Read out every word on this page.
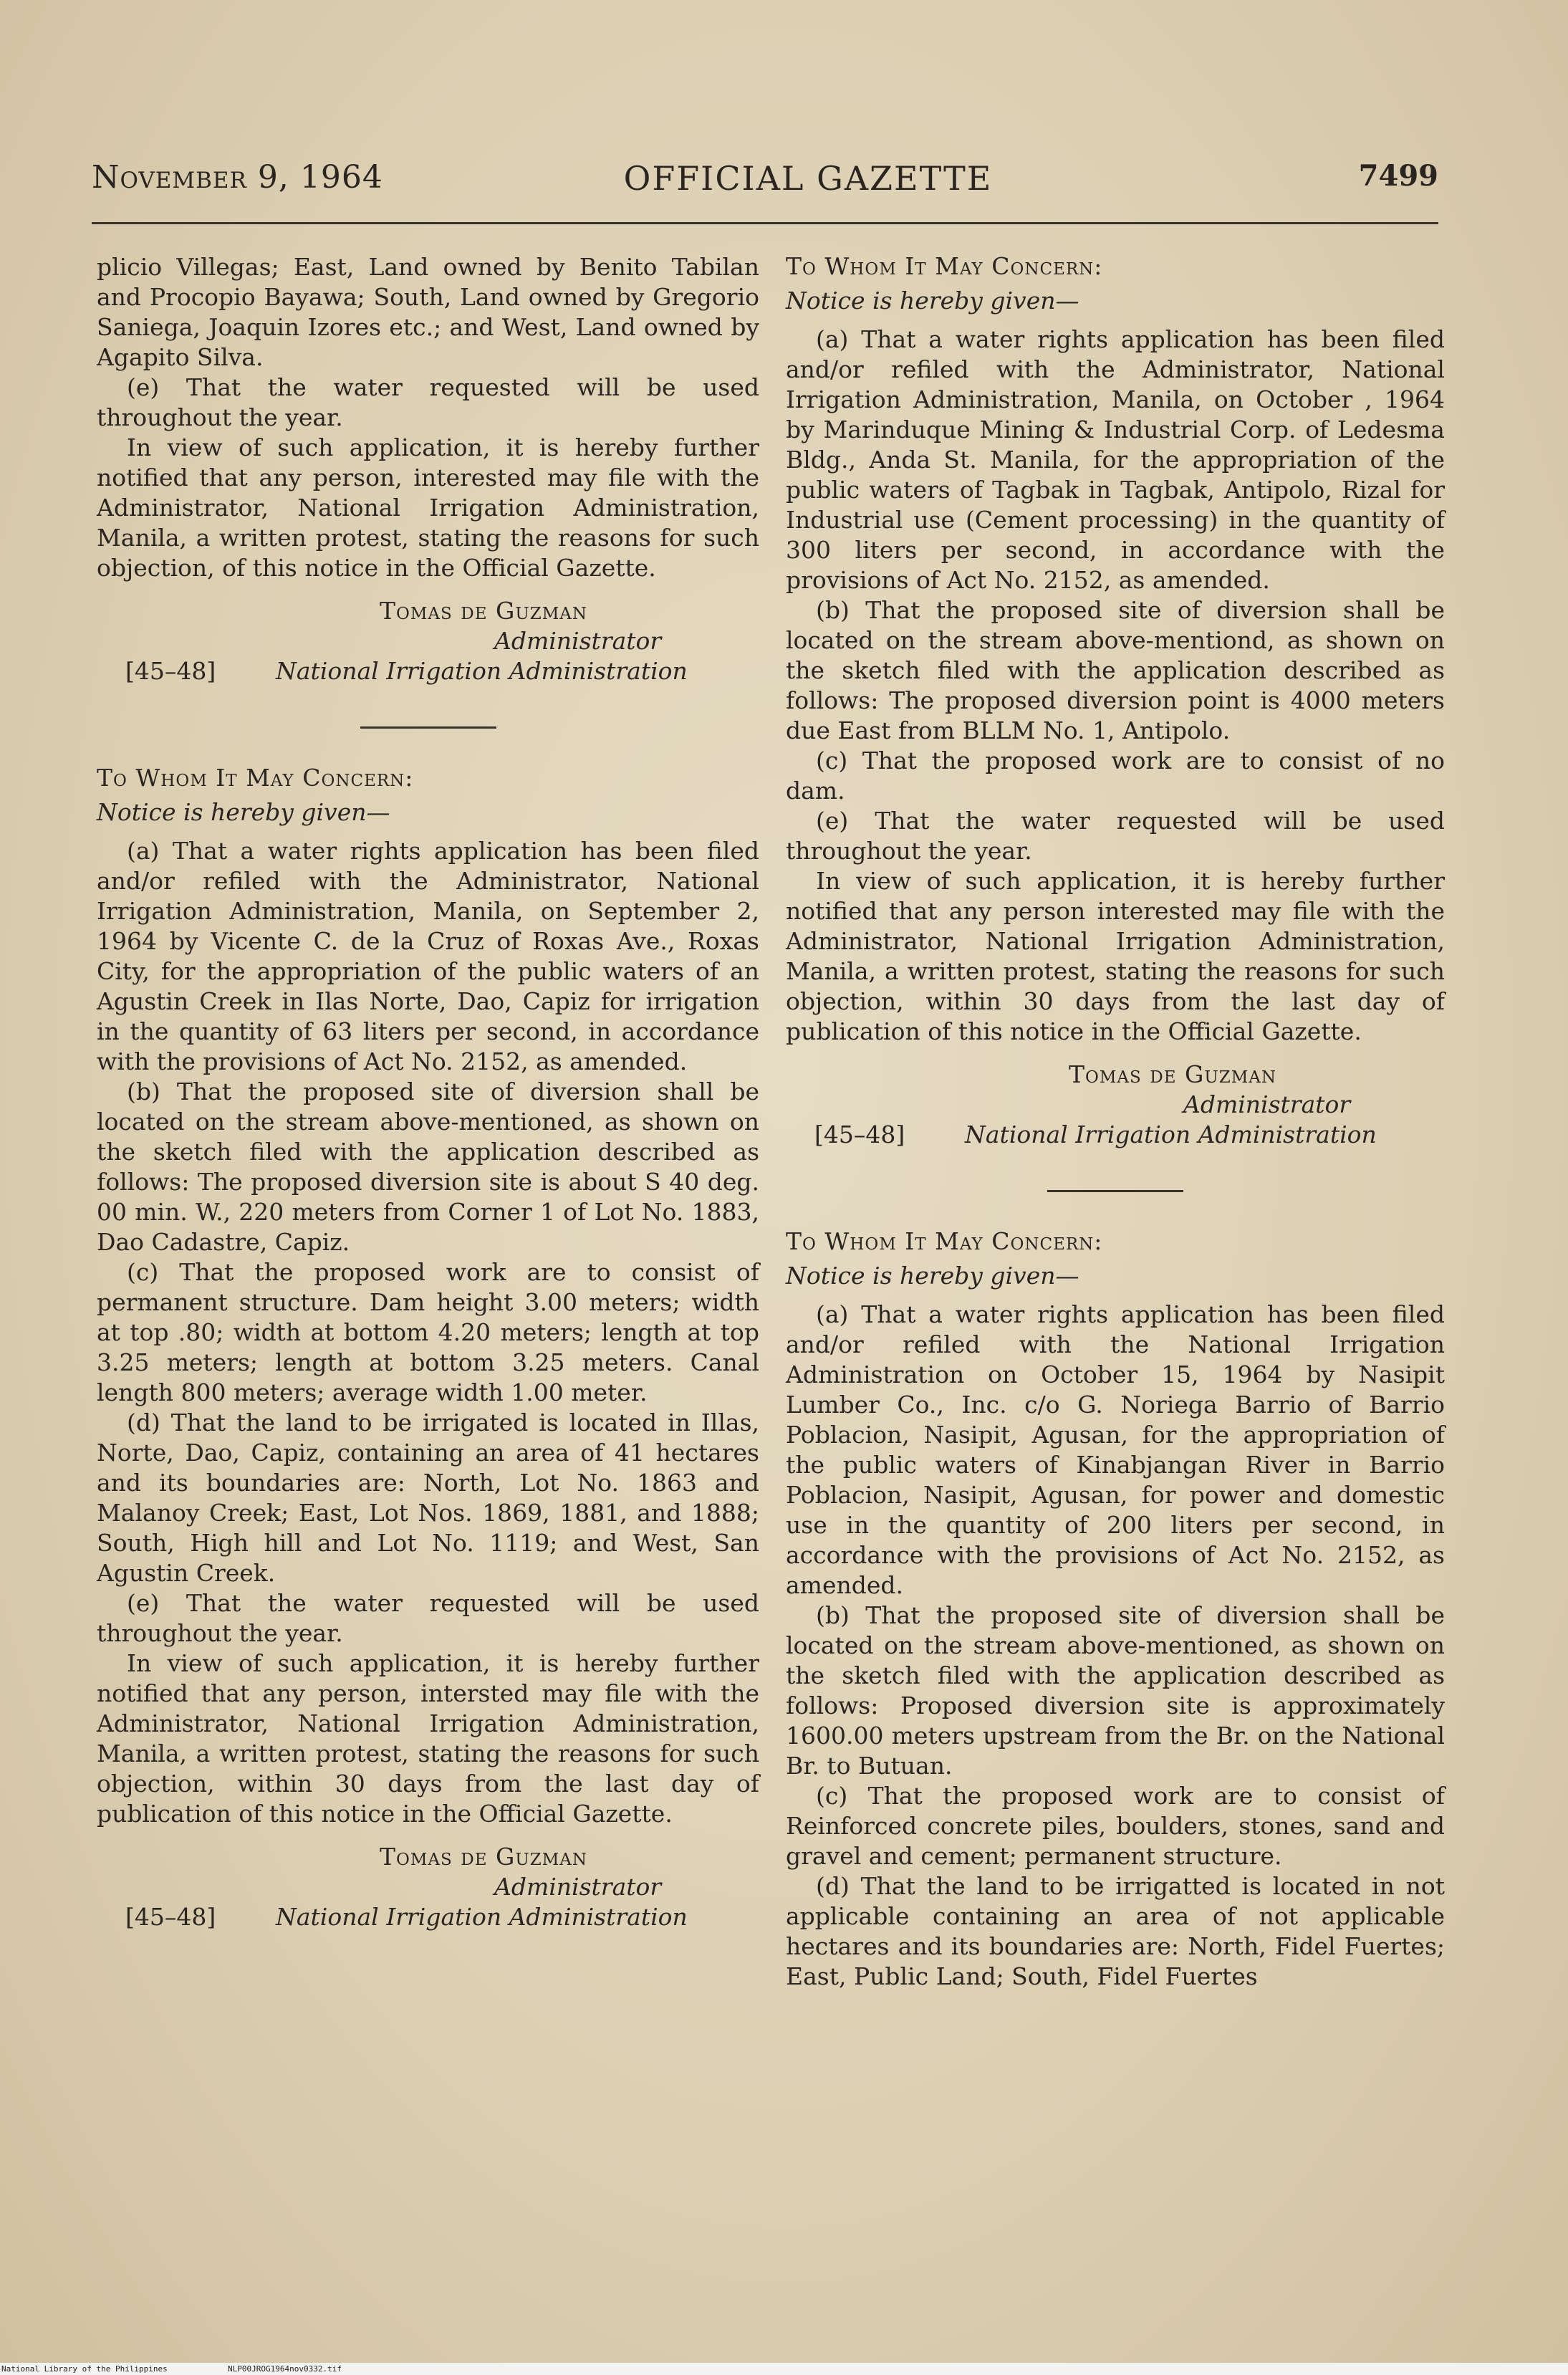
November 9, 1964	OFFICIAL GAZETTE	7499

plicio Villegas; East, Land owned by Benito Tabilan and Procopio Bayawa; South, Land owned by Gregorio Saniega, Joaquin Izores etc.; and West, Land owned by Agapito Silva.

(e) That the water requested will be used throughout the year.

In view of such application, it is hereby further notified that any person, interested may file with the Administrator, National Irrigation Administration, Manila, a written protest, stating the reasons for such objection, of this notice in the Official Gazette.

Tomas de Guzman
Administrator
[45–48]	National Irrigation Administration
To Whom It May Concern:
Notice is hereby given—

(a) That a water rights application has been filed and/or refiled with the Administrator, National Irrigation Administration, Manila, on September 2, 1964 by Vicente C. de la Cruz of Roxas Ave., Roxas City, for the appropriation of the public waters of an Agustin Creek in Ilas Norte, Dao, Capiz for irrigation in the quantity of 63 liters per second, in accordance with the provisions of Act No. 2152, as amended.

(b) That the proposed site of diversion shall be located on the stream above-mentioned, as shown on the sketch filed with the application described as follows: The proposed diversion site is about S 40 deg. 00 min. W., 220 meters from Corner 1 of Lot No. 1883, Dao Cadastre, Capiz.

(c) That the proposed work are to consist of permanent structure. Dam height 3.00 meters; width at top .80; width at bottom 4.20 meters; length at top 3.25 meters; length at bottom 3.25 meters. Canal length 800 meters; average width 1.00 meter.

(d) That the land to be irrigated is located in Illas, Norte, Dao, Capiz, containing an area of 41 hectares and its boundaries are: North, Lot No. 1863 and Malanoy Creek; East, Lot Nos. 1869, 1881, and 1888; South, High hill and Lot No. 1119; and West, San Agustin Creek.

(e) That the water requested will be used throughout the year.

In view of such application, it is hereby further notified that any person, intersted may file with the Administrator, National Irrigation Administration, Manila, a written protest, stating the reasons for such objection, within 30 days from the last day of publication of this notice in the Official Gazette.

Tomas de Guzman
Administrator
[45–48]	National Irrigation Administration
To Whom It May Concern:
Notice is hereby given—

(a) That a water rights application has been filed and/or refiled with the Administrator, National Irrigation Administration, Manila, on October , 1964 by Marinduque Mining & Industrial Corp. of Ledesma Bldg., Anda St. Manila, for the appropriation of the public waters of Tagbak in Tagbak, Antipolo, Rizal for Industrial use (Cement processing) in the quantity of 300 liters per second, in accordance with the provisions of Act No. 2152, as amended.

(b) That the proposed site of diversion shall be located on the stream above-mentiond, as shown on the sketch filed with the application described as follows: The proposed diversion point is 4000 meters due East from BLLM No. 1, Antipolo.

(c) That the proposed work are to consist of no dam.

(e) That the water requested will be used throughout the year.

In view of such application, it is hereby further notified that any person interested may file with the Administrator, National Irrigation Administration, Manila, a written protest, stating the reasons for such objection, within 30 days from the last day of publication of this notice in the Official Gazette.

Tomas de Guzman
Administrator
[45–48]	National Irrigation Administration
To Whom It May Concern:
Notice is hereby given—

(a) That a water rights application has been filed and/or refiled with the National Irrigation Administration on October 15, 1964 by Nasipit Lumber Co., Inc. c/o G. Noriega Barrio of Barrio Poblacion, Nasipit, Agusan, for the appropriation of the public waters of Kinabjangan River in Barrio Poblacion, Nasipit, Agusan, for power and domestic use in the quantity of 200 liters per second, in accordance with the provisions of Act No. 2152, as amended.

(b) That the proposed site of diversion shall be located on the stream above-mentioned, as shown on the sketch filed with the application described as follows: Proposed diversion site is approximately 1600.00 meters upstream from the Br. on the National Br. to Butuan.

(c) That the proposed work are to consist of Reinforced concrete piles, boulders, stones, sand and gravel and cement; permanent structure.

(d) That the land to be irrigatted is located in not applicable containing an area of not applicable hectares and its boundaries are: North, Fidel Fuertes; East, Public Land; South, Fidel Fuertes

National Library of the Philippines	NLP00JROG1964nov0332.tif
